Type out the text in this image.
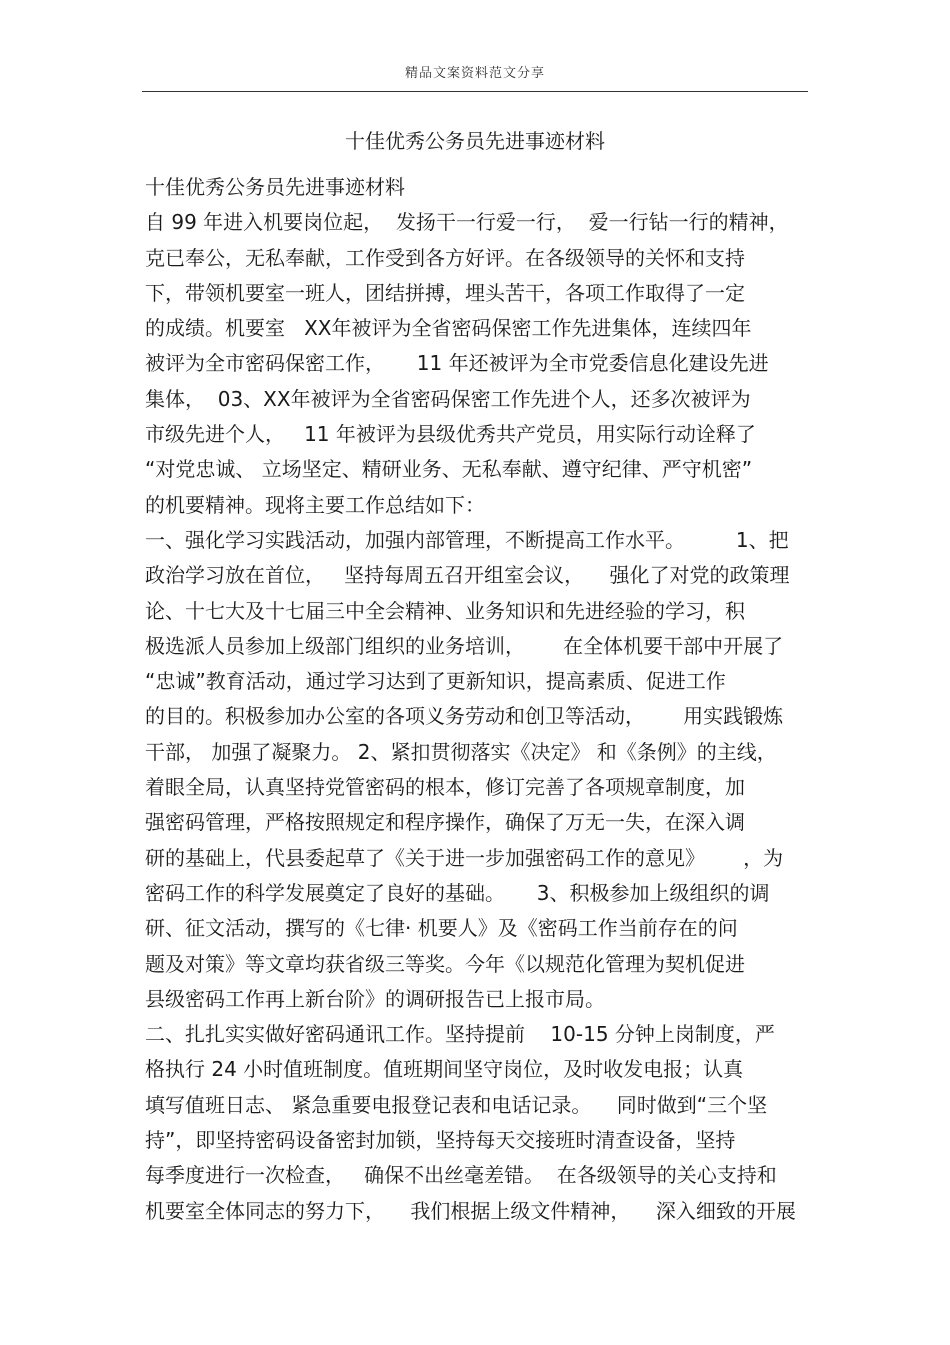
精品文案资料范文分享
十佳优秀公务员先进事迹材料
十佳优秀公务员先进事迹材料
自 99 年进入机要岗位起，  发扬干一行爱一行，  爱一行钻一行的精神，
克已奉公，无私奉献，工作受到各方好评。在各级领导的关怀和支持
下，带领机要室一班人，团结拼搏，埋头苦干，各项工作取得了一定
的成绩。机要室   XX年被评为全省密码保密工作先进集体，连续四年
被评为全市密码保密工作，     11 年还被评为全市党委信息化建设先进
集体，  03、XX年被评为全省密码保密工作先进个人，还多次被评为
市级先进个人，   11 年被评为县级优秀共产党员，用实际行动诠释了
“对党忠诚、 立场坚定、精研业务、无私奉献、遵守纪律、严守机密”
的机要精神。现将主要工作总结如下：
一、强化学习实践活动，加强内部管理，不断提高工作水平。        1、把
政治学习放在首位，   坚持每周五召开组室会议，    强化了对党的政策理
论、十七大及十七届三中全会精神、业务知识和先进经验的学习，积
极选派人员参加上级部门组织的业务培训，      在全体机要干部中开展了
“忠诚”教育活动，通过学习达到了更新知识，提高素质、促进工作
的目的。积极参加办公室的各项义务劳动和创卫等活动，      用实践锻炼
干部， 加强了凝聚力。 2、紧扣贯彻落实《决定》 和《条例》的主线，
着眼全局，认真坚持党管密码的根本，修订完善了各项规章制度，加
强密码管理，严格按照规定和程序操作，确保了万无一失，在深入调
研的基础上，代县委起草了《关于进一步加强密码工作的意见》      ，为
密码工作的科学发展奠定了良好的基础。     3、积极参加上级组织的调
研、征文活动，撰写的《七律· 机要人》及《密码工作当前存在的问
题及对策》等文章均获省级三等奖。今年《以规范化管理为契机促进
县级密码工作再上新台阶》的调研报告已上报市局。
二、扎扎实实做好密码通讯工作。坚持提前    10-15 分钟上岗制度，严
格执行 24 小时值班制度。值班期间坚守岗位，及时收发电报；认真
填写值班日志、 紧急重要电报登记表和电话记录。    同时做到“三个坚
持”，即坚持密码设备密封加锁，坚持每天交接班时清查设备，坚持
每季度进行一次检查，   确保不出丝毫差错。  在各级领导的关心支持和
机要室全体同志的努力下，    我们根据上级文件精神，    深入细致的开展
